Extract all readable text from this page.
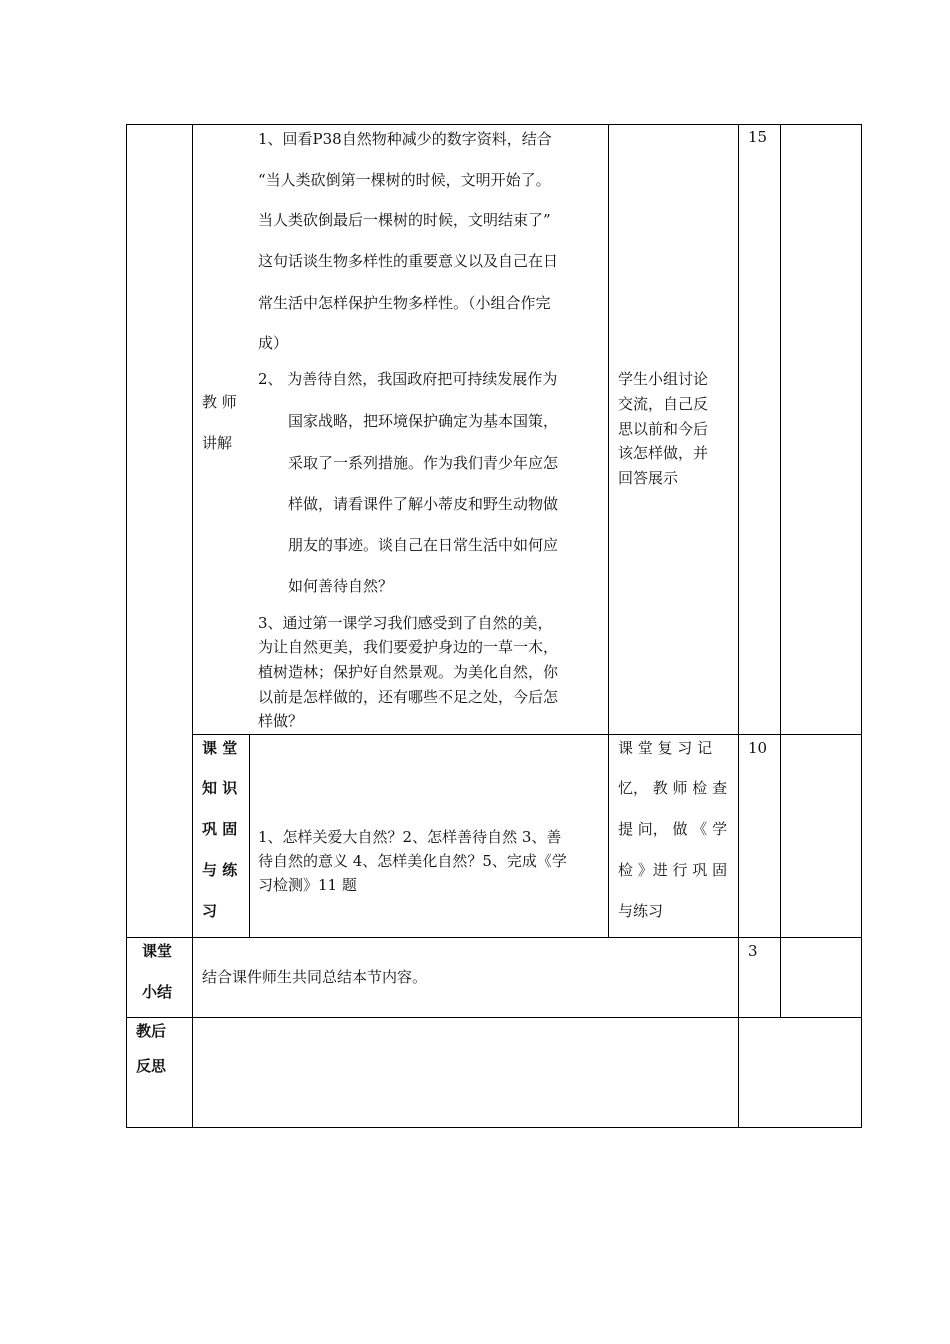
教 师
讲解
1、回看P38自然物种减少的数字资料，结合
“当人类砍倒第一棵树的时候，文明开始了。
当人类砍倒最后一棵树的时候，文明结束了”
这句话谈生物多样性的重要意义以及自己在日
常生活中怎样保护生物多样性。（小组合作完
成）
2、 为善待自然，我国政府把可持续发展作为
国家战略，把环境保护确定为基本国策，
采取了一系列措施。作为我们青少年应怎
样做，请看课件了解小蒂皮和野生动物做
朋友的事迹。谈自己在日常生活中如何应
如何善待自然？
3、通过第一课学习我们感受到了自然的美，
为让自然更美，我们要爱护身边的一草一木，
植树造林；保护好自然景观。为美化自然，你
以前是怎样做的，还有哪些不足之处，今后怎
样做？
学生小组讨论
交流，自己反
思以前和今后
该怎样做，并
回答展示
15
课 堂
知 识
巩 固
与 练
习
1、怎样关爱大自然？2、怎样善待自然 3、善
待自然的意义 4、怎样美化自然？5、完成《学
习检测》11 题
课 堂 复 习 记
忆， 教 师 检 查
提 问， 做 《 学
检 》进 行 巩 固
与练习
10
课堂
小结
结合课件师生共同总结本节内容。
3
教后
反思
